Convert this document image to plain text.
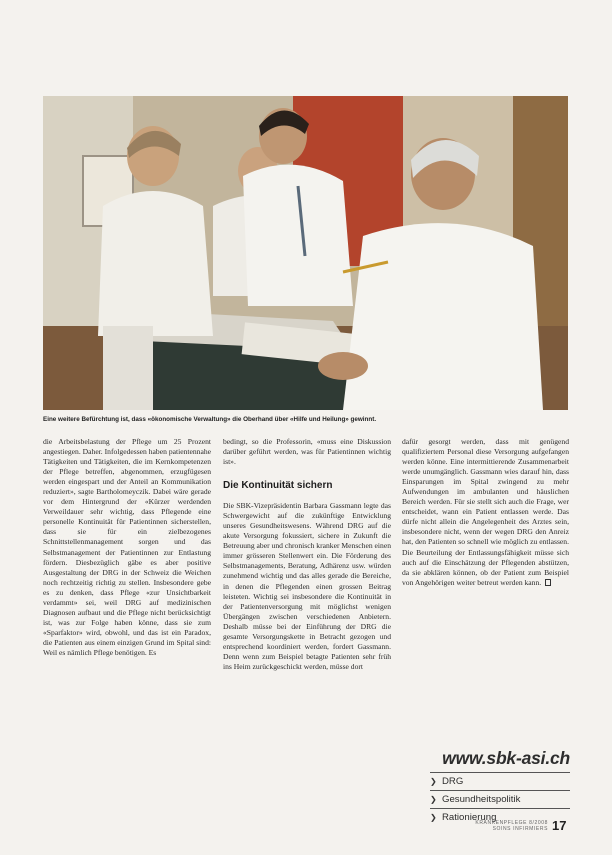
Eine weitere Befürchtung ist, dass «ökonomische Verwaltung» die Oberhand über «Hilfe und Heilung» gewinnt.

die Arbeitsbelastung der Pflege um 25 Prozent angestiegen. Daher. Infolgedessen haben patientennahe Tätigkeiten und Tätigkeiten, die im Kernkompetenzen der Pflege betreffen, abgenommen, erzugfügesen werden eingespart und der Anteil an Kommunikation reduziert», sagte Bartholomeyczik. Dabei wäre gerade vor dem Hintergrund der «Kürzer werdenden Verweildauer sehr wichtig, dass Pflegende eine personelle Kontinuität für Patientinnen sicherstellen, dass sie für ein zielbezogenes Schnittstellenmanagement sorgen und das Selbstmanagement der Patientinnen zur Entlastung fördern. Diesbezüglich gäbe es aber positive Ausgestaltung der DRG in der Schweiz die Weichen noch rechtzeitig richtig zu stellen. Insbesondere gebe es zu denken, dass Pflege «zur Unsichtbarkeit verdammt» sei, weil DRG auf medizinischen Diagnosen aufbaut und die Pflege nicht berücksichtigt ist, was zur Folge haben könne, dass sie zum «Sparfaktor» wird, obwohl, und das ist ein Paradox, die Patienten aus einem einzigen Grund im Spital sind: Weil es nämlich Pflege benötigen. Es

bedingt, so die Professorin, «muss eine Diskussion darüber geführt werden, was für Patientinnen wichtig ist».

Die Kontinuität sichern

Die SBK-Vizepräsidentin Barbara Gassmann legte das Schwergewicht auf die zukünftige Entwicklung unseres Gesundheitswesens. Während DRG auf die akute Versorgung fokussiert, sichere in Zukunft die Betreuung aber und chronisch kranker Menschen einen immer grösseren Stellenwert ein. Die Förderung des Selbstmanagements, Beratung, Adhärenz usw. würden zunehmend wichtig und das alles gerade die Bereiche, in denen die Pflegenden einen grossen Beitrag leisteten. Wichtig sei insbesondere die Kontinuität in der Patientenversorgung mit möglichst wenigen Übergängen zwischen verschiedenen Anbietern. Deshalb müsse bei der Einführung der DRG die gesamte Versorgungskette in Betracht gezogen und entsprechend koordiniert werden, fordert Gassmann. Denn wenn zum Beispiel betagte Patienten sehr früh ins Heim zurückgeschickt werden, müsse dort

dafür gesorgt werden, dass mit genügend qualifiziertem Personal diese Versorgung aufgefangen werden könne. Eine intermittierende Zusammenarbeit werde unumgänglich. Gassmann wies darauf hin, dass Einsparungen im Spital zwingend zu mehr Aufwendungen im ambulanten und häuslichen Bereich werden. Für sie stellt sich auch die Frage, wer entscheidet, wann ein Patient entlassen werde. Das dürfe nicht allein die Angelegenheit des Arztes sein, insbesondere nicht, wenn der wegen DRG den Anreiz hat, den Patienten so schnell wie möglich zu entlassen. Die Beurteilung der Entlassungsfähigkeit müsse sich auch auf die Einschätzung der Pflegenden abstützen, da sie abklären können, ob der Patient zum Beispiel von Angehörigen weiter betreut werden kann.

www.sbk-asi.ch
❯ DRG
❯ Gesundheitspolitik
❯ Rationierung
KRANKENPFLEGE 8/2008
SOINS INFIRMIERS 17
